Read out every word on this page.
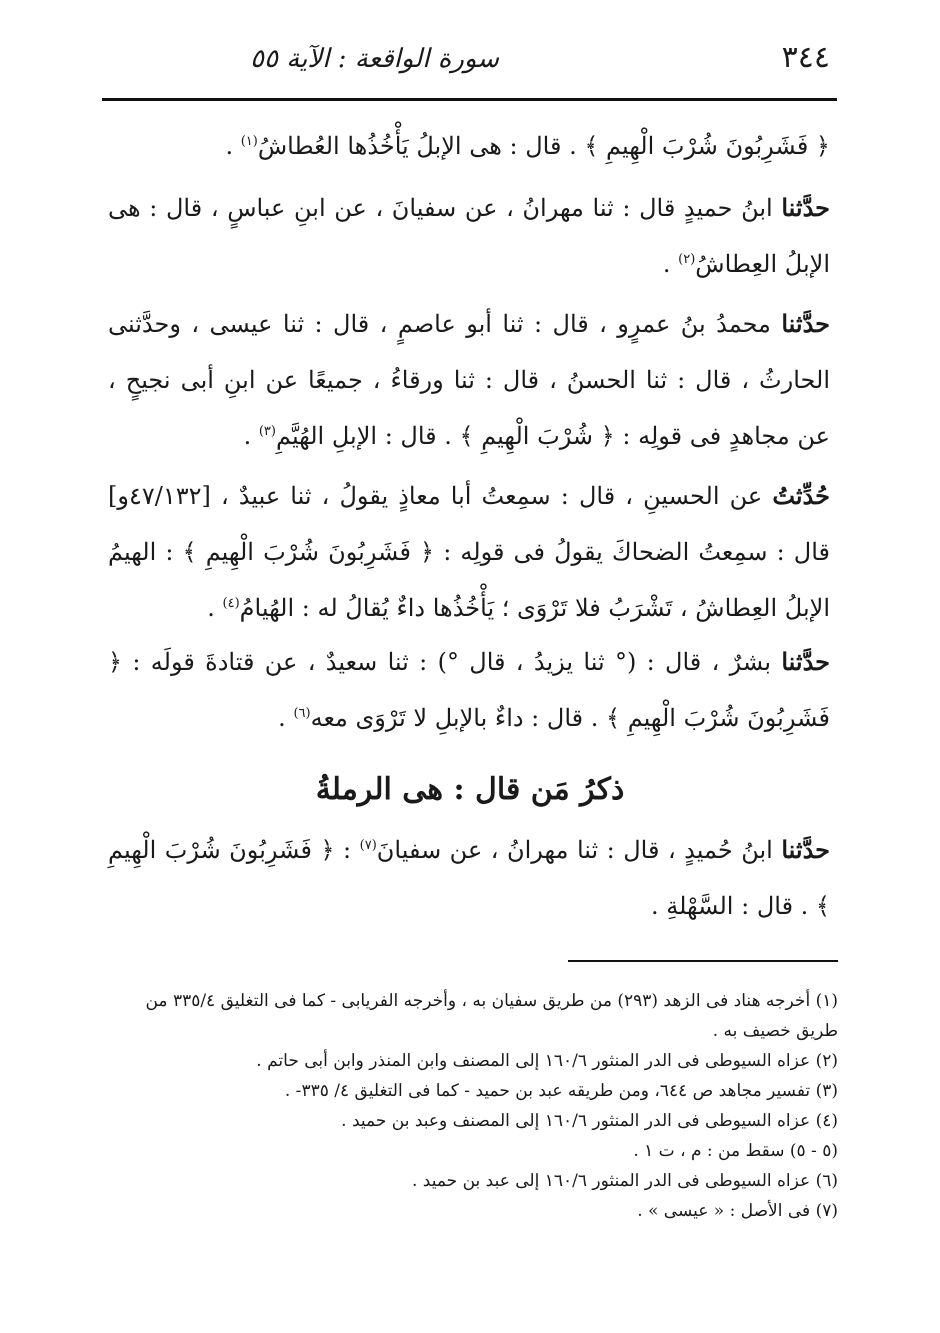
٣٤٤
سورة الواقعة : الآية ٥٥

﴿ فَشَرِبُونَ شُرْبَ الْهِيمِ ﴾ . قال : هى الإبلُ يَأْخُذُها العُطاشُ$^{(١)}$ .

حدَّثنا ابنُ حميدٍ قال : ثنا مهرانُ ، عن سفيانَ ، عن ابنِ عباسٍ ، قال : هى الإبلُ العِطاشُ$^{(٢)}$ .

حدَّثنا محمدُ بنُ عمرٍو ، قال : ثنا أبو عاصمٍ ، قال : ثنا عيسى ، وحدَّثنى الحارثُ ، قال : ثنا الحسنُ ، قال : ثنا ورقاءُ ، جميعًا عن ابنِ أبى نجيحٍ ، عن مجاهدٍ فى قولِه : ﴿ شُرْبَ الْهِيمِ ﴾ . قال : الإبلِ الهُيَّمِ$^{(٣)}$ .

حُدِّثتُ عن الحسينِ ، قال : سمِعتُ أبا معاذٍ يقولُ ، ثنا عبيدٌ ، [٤٧/١٣٢و] قال : سمِعتُ الضحاكَ يقولُ فى قولِه : ﴿ فَشَرِبُونَ شُرْبَ الْهِيمِ ﴾ : الهيمُ الإبلُ العِطاشُ ، تَشْرَبُ فلا تَرْوَى ؛ يَأْخُذُها داءٌ يُقالُ له : الهُيامُ$^{(٤)}$ .

حدَّثنا بشرٌ ، قال : (° ثنا يزيدُ ، قال °) : ثنا سعيدٌ ، عن قتادةَ قولَه : ﴿ فَشَرِبُونَ شُرْبَ الْهِيمِ ﴾ . قال : داءٌ بالإبلِ لا تَرْوَى معه$^{(٦)}$ .

ذكرُ مَن قال : هى الرملةُ

حدَّثنا ابنُ حُميدٍ ، قال : ثنا مهرانُ ، عن سفيانَ$^{(٧)}$ : ﴿ فَشَرِبُونَ شُرْبَ الْهِيمِ ﴾ . قال : السَّهْلةِ .

(١) أخرجه هناد فى الزهد (٢٩٣) من طريق سفيان به ، وأخرجه الفريابى - كما فى التغليق ٣٣٥/٤ من
طريق خصيف به .
(٢) عزاه السيوطى فى الدر المنثور ١٦٠/٦ إلى المصنف وابن المنذر وابن أبى حاتم .
(٣) تفسير مجاهد ص ٦٤٤، ومن طريقه عبد بن حميد - كما فى التغليق ٤/ ٣٣٥- .
(٤) عزاه السيوطى فى الدر المنثور ١٦٠/٦ إلى المصنف وعبد بن حميد .
(٥ - ٥) سقط من : م ، ت ١ .
(٦) عزاه السيوطى فى الدر المنثور ١٦٠/٦ إلى عبد بن حميد .
(٧) فى الأصل : « عيسى » .
